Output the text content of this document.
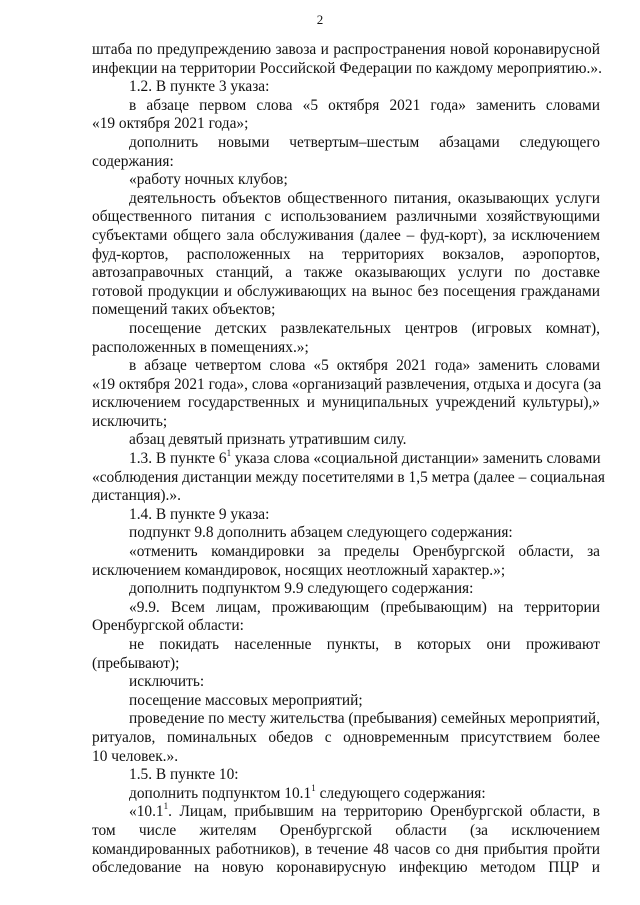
2
штаба по предупреждению завоза и распространения новой коронавирусной
инфекции на территории Российской Федерации по каждому мероприятию.».
1.2. В пункте 3 указа:
в абзаце первом слова «5 октября 2021 года» заменить словами
«19 октября 2021 года»;
дополнить новыми четвертым–шестым абзацами следующего
содержания:
«работу ночных клубов;
деятельность объектов общественного питания, оказывающих услуги
общественного питания с использованием различными хозяйствующими
субъектами общего зала обслуживания (далее – фуд-корт), за исключением
фуд-кортов, расположенных на территориях вокзалов, аэропортов,
автозаправочных станций, а также оказывающих услуги по доставке
готовой продукции и обслуживающих на вынос без посещения гражданами
помещений таких объектов;
посещение детских развлекательных центров (игровых комнат),
расположенных в помещениях.»;
в абзаце четвертом слова «5 октября 2021 года» заменить словами
«19 октября 2021 года», слова «организаций развлечения, отдыха и досуга (за
исключением государственных и муниципальных учреждений культуры),»
исключить;
абзац девятый признать утратившим силу.
1.3. В пункте $6^1$ указа слова «социальной дистанции» заменить словами
«соблюдения дистанции между посетителями в 1,5 метра (далее – социальная
дистанция).».
1.4. В пункте 9 указа:
подпункт 9.8 дополнить абзацем следующего содержания:
«отменить командировки за пределы Оренбургской области, за
исключением командировок, носящих неотложный характер.»;
дополнить подпунктом 9.9 следующего содержания:
«9.9. Всем лицам, проживающим (пребывающим) на территории
Оренбургской области:
не покидать населенные пункты, в которых они проживают
(пребывают);
исключить:
посещение массовых мероприятий;
проведение по месту жительства (пребывания) семейных мероприятий,
ритуалов, поминальных обедов с одновременным присутствием более
10 человек.».
1.5. В пункте 10:
дополнить подпунктом 10.1$^1$ следующего содержания:
«10.1$^1$. Лицам, прибывшим на территорию Оренбургской области, в
том числе жителям Оренбургской области (за исключением
командированных работников), в течение 48 часов со дня прибытия пройти
обследование на новую коронавирусную инфекцию методом ПЦР и
